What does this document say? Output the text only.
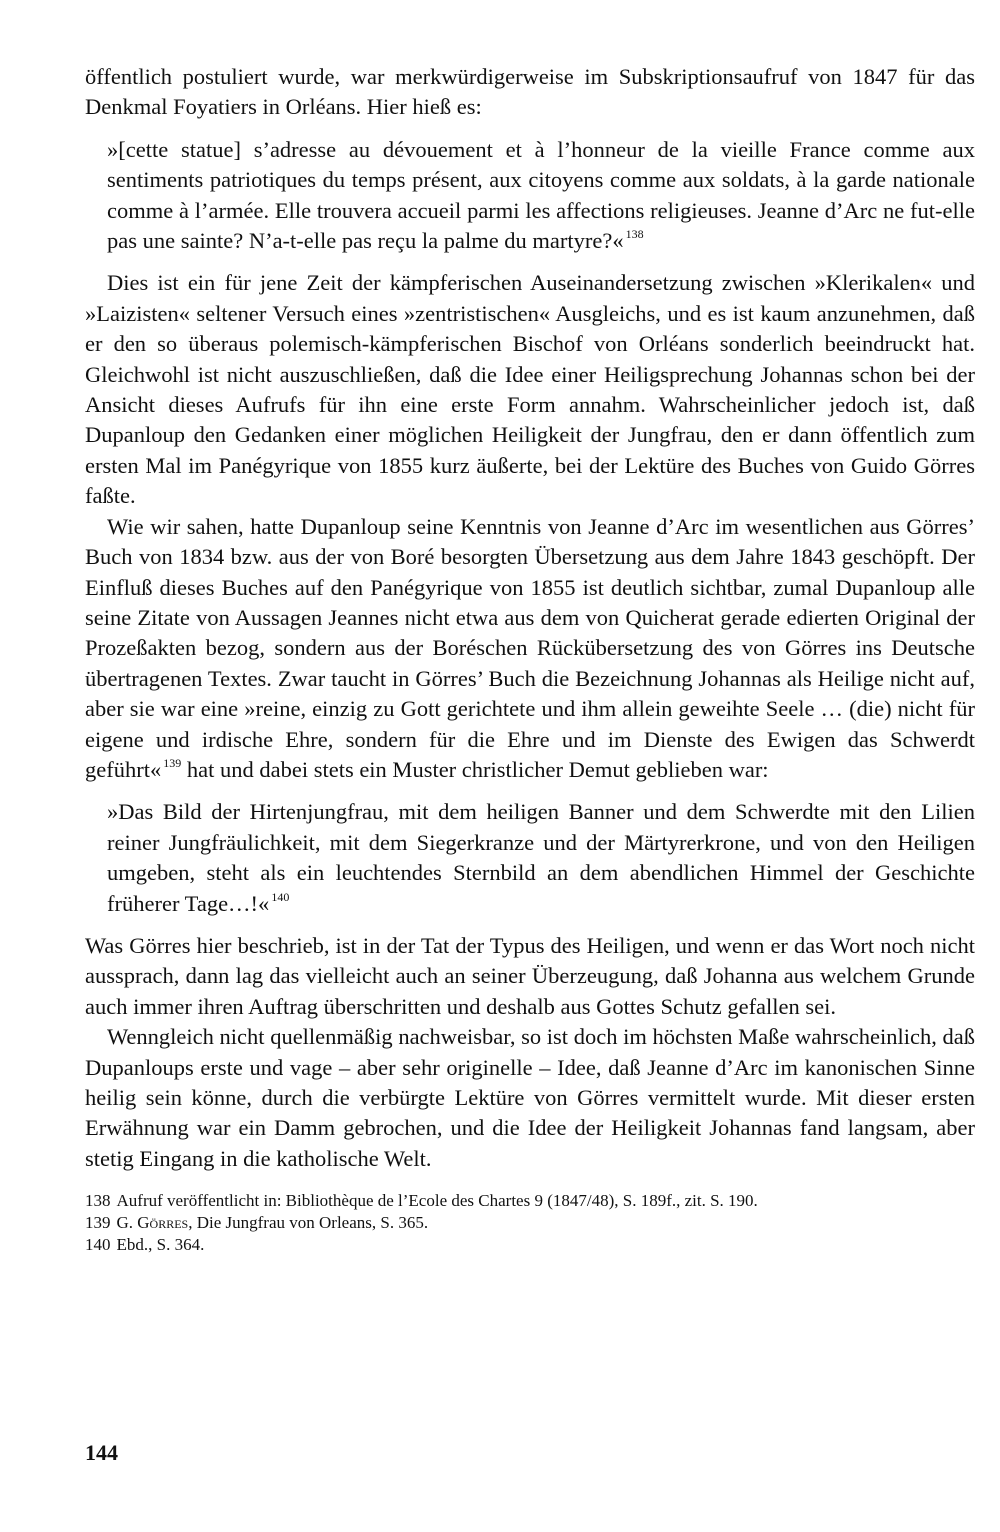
öffentlich postuliert wurde, war merkwürdigerweise im Subskriptionsaufruf von 1847 für das Denkmal Foyatiers in Orléans. Hier hieß es:

»[cette statue] s’adresse au dévouement et à l’honneur de la vieille France comme aux sentiments patriotiques du temps présent, aux citoyens comme aux soldats, à la garde nationale comme à l’armée. Elle trouvera accueil parmi les affections religieuses. Jeanne d’Arc ne fut-elle pas une sainte? N’a-t-elle pas reçu la palme du martyre?« $^{138}$

Dies ist ein für jene Zeit der kämpferischen Auseinandersetzung zwischen »Klerikalen« und »Laizisten« seltener Versuch eines »zentristischen« Ausgleichs, und es ist kaum anzunehmen, daß er den so überaus polemisch-kämpferischen Bischof von Orléans sonderlich beeindruckt hat. Gleichwohl ist nicht auszuschließen, daß die Idee einer Heiligsprechung Johannas schon bei der Ansicht dieses Aufrufs für ihn eine erste Form annahm. Wahrscheinlicher jedoch ist, daß Dupanloup den Gedanken einer möglichen Heiligkeit der Jungfrau, den er dann öffentlich zum ersten Mal im Panégyrique von 1855 kurz äußerte, bei der Lektüre des Buches von Guido Görres faßte.

Wie wir sahen, hatte Dupanloup seine Kenntnis von Jeanne d’Arc im wesentlichen aus Görres’ Buch von 1834 bzw. aus der von Boré besorgten Übersetzung aus dem Jahre 1843 geschöpft. Der Einfluß dieses Buches auf den Panégyrique von 1855 ist deutlich sichtbar, zumal Dupanloup alle seine Zitate von Aussagen Jeannes nicht etwa aus dem von Quicherat gerade edierten Original der Prozeßakten bezog, sondern aus der Boréschen Rückübersetzung des von Görres ins Deutsche übertragenen Textes. Zwar taucht in Görres’ Buch die Bezeichnung Johannas als Heilige nicht auf, aber sie war eine »reine, einzig zu Gott gerichtete und ihm allein geweihte Seele … (die) nicht für eigene und irdische Ehre, sondern für die Ehre und im Dienste des Ewigen das Schwerdt geführt« $^{139}$ hat und dabei stets ein Muster christlicher Demut geblieben war:

»Das Bild der Hirtenjungfrau, mit dem heiligen Banner und dem Schwerdte mit den Lilien reiner Jungfräulichkeit, mit dem Siegerkranze und der Märtyrerkrone, und von den Heiligen umgeben, steht als ein leuchtendes Sternbild an dem abendlichen Himmel der Geschichte früherer Tage…!« $^{140}$

Was Görres hier beschrieb, ist in der Tat der Typus des Heiligen, und wenn er das Wort noch nicht aussprach, dann lag das vielleicht auch an seiner Überzeugung, daß Johanna aus welchem Grunde auch immer ihren Auftrag überschritten und deshalb aus Gottes Schutz gefallen sei.

Wenngleich nicht quellenmäßig nachweisbar, so ist doch im höchsten Maße wahrscheinlich, daß Dupanloups erste und vage – aber sehr originelle – Idee, daß Jeanne d’Arc im kanonischen Sinne heilig sein könne, durch die verbürgte Lektüre von Görres vermittelt wurde. Mit dieser ersten Erwähnung war ein Damm gebrochen, und die Idee der Heiligkeit Johannas fand langsam, aber stetig Eingang in die katholische Welt.

138 Aufruf veröffentlicht in: Bibliothèque de l’Ecole des Chartes 9 (1847/48), S. 189f., zit. S. 190.

139 G. Görres, Die Jungfrau von Orleans, S. 365.

140 Ebd., S. 364.

144
